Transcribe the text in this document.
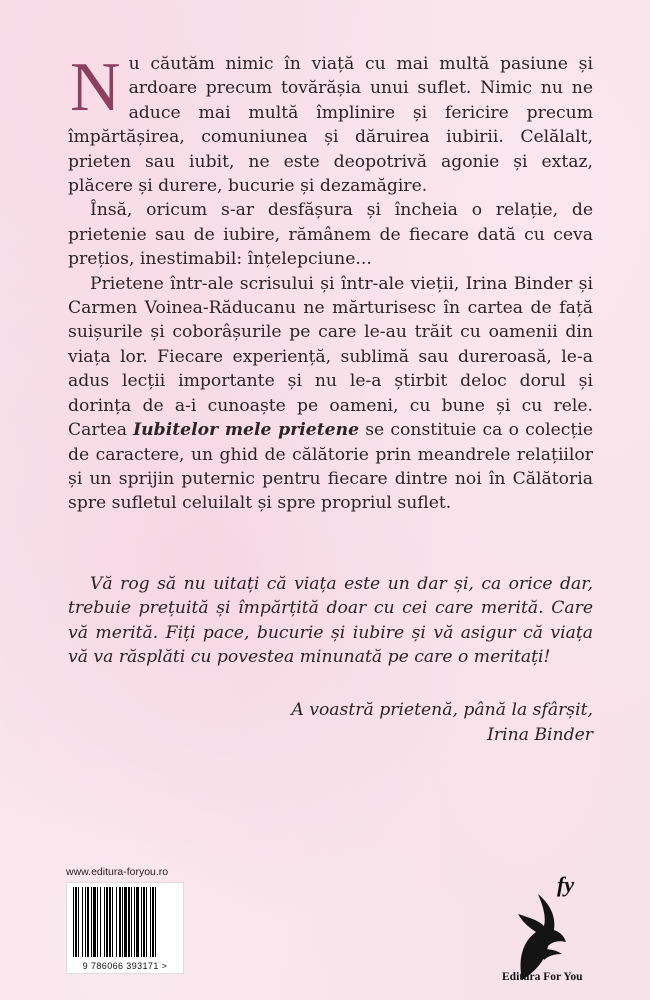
Nu căutăm nimic în viață cu mai multă pasiune și ardoare precum tovărășia unui suflet. Nimic nu ne aduce mai multă împlinire și fericire precum împărtășirea, comuniunea și dăruirea iubirii. Celălalt, prieten sau iubit, ne este deopotrivă agonie și extaz, plăcere și durere, bucurie și dezamăgire.

Însă, oricum s-ar desfășura și încheia o relație, de prietenie sau de iubire, rămânem de fiecare dată cu ceva prețios, inestimabil: înțelepciune...

Prietene într-ale scrisului și într-ale vieții, Irina Binder și Carmen Voinea-Răducanu ne mărturisesc în cartea de față suișurile și coborâșurile pe care le-au trăit cu oamenii din viața lor. Fiecare experiență, sublimă sau dureroasă, le-a adus lecții importante și nu le-a știrbit deloc dorul și dorința de a-i cunoaște pe oameni, cu bune și cu rele. Cartea Iubitelor mele prietene se constituie ca o colecție de caractere, un ghid de călătorie prin meandrele relațiilor și un sprijin puternic pentru fiecare dintre noi în Călătoria spre sufletul celuilalt și spre propriul suflet.

Vă rog să nu uitați că viața este un dar și, ca orice dar, trebuie prețuită și împărțită doar cu cei care merită. Care vă merită. Fiți pace, bucurie și iubire și vă asigur că viața vă va răsplăti cu povestea minunată pe care o meritați!

A voastră prietenă, până la sfârșit,
Irina Binder
www.editura-foryou.ro
9 786066 393171 >
fy
Editura For You
